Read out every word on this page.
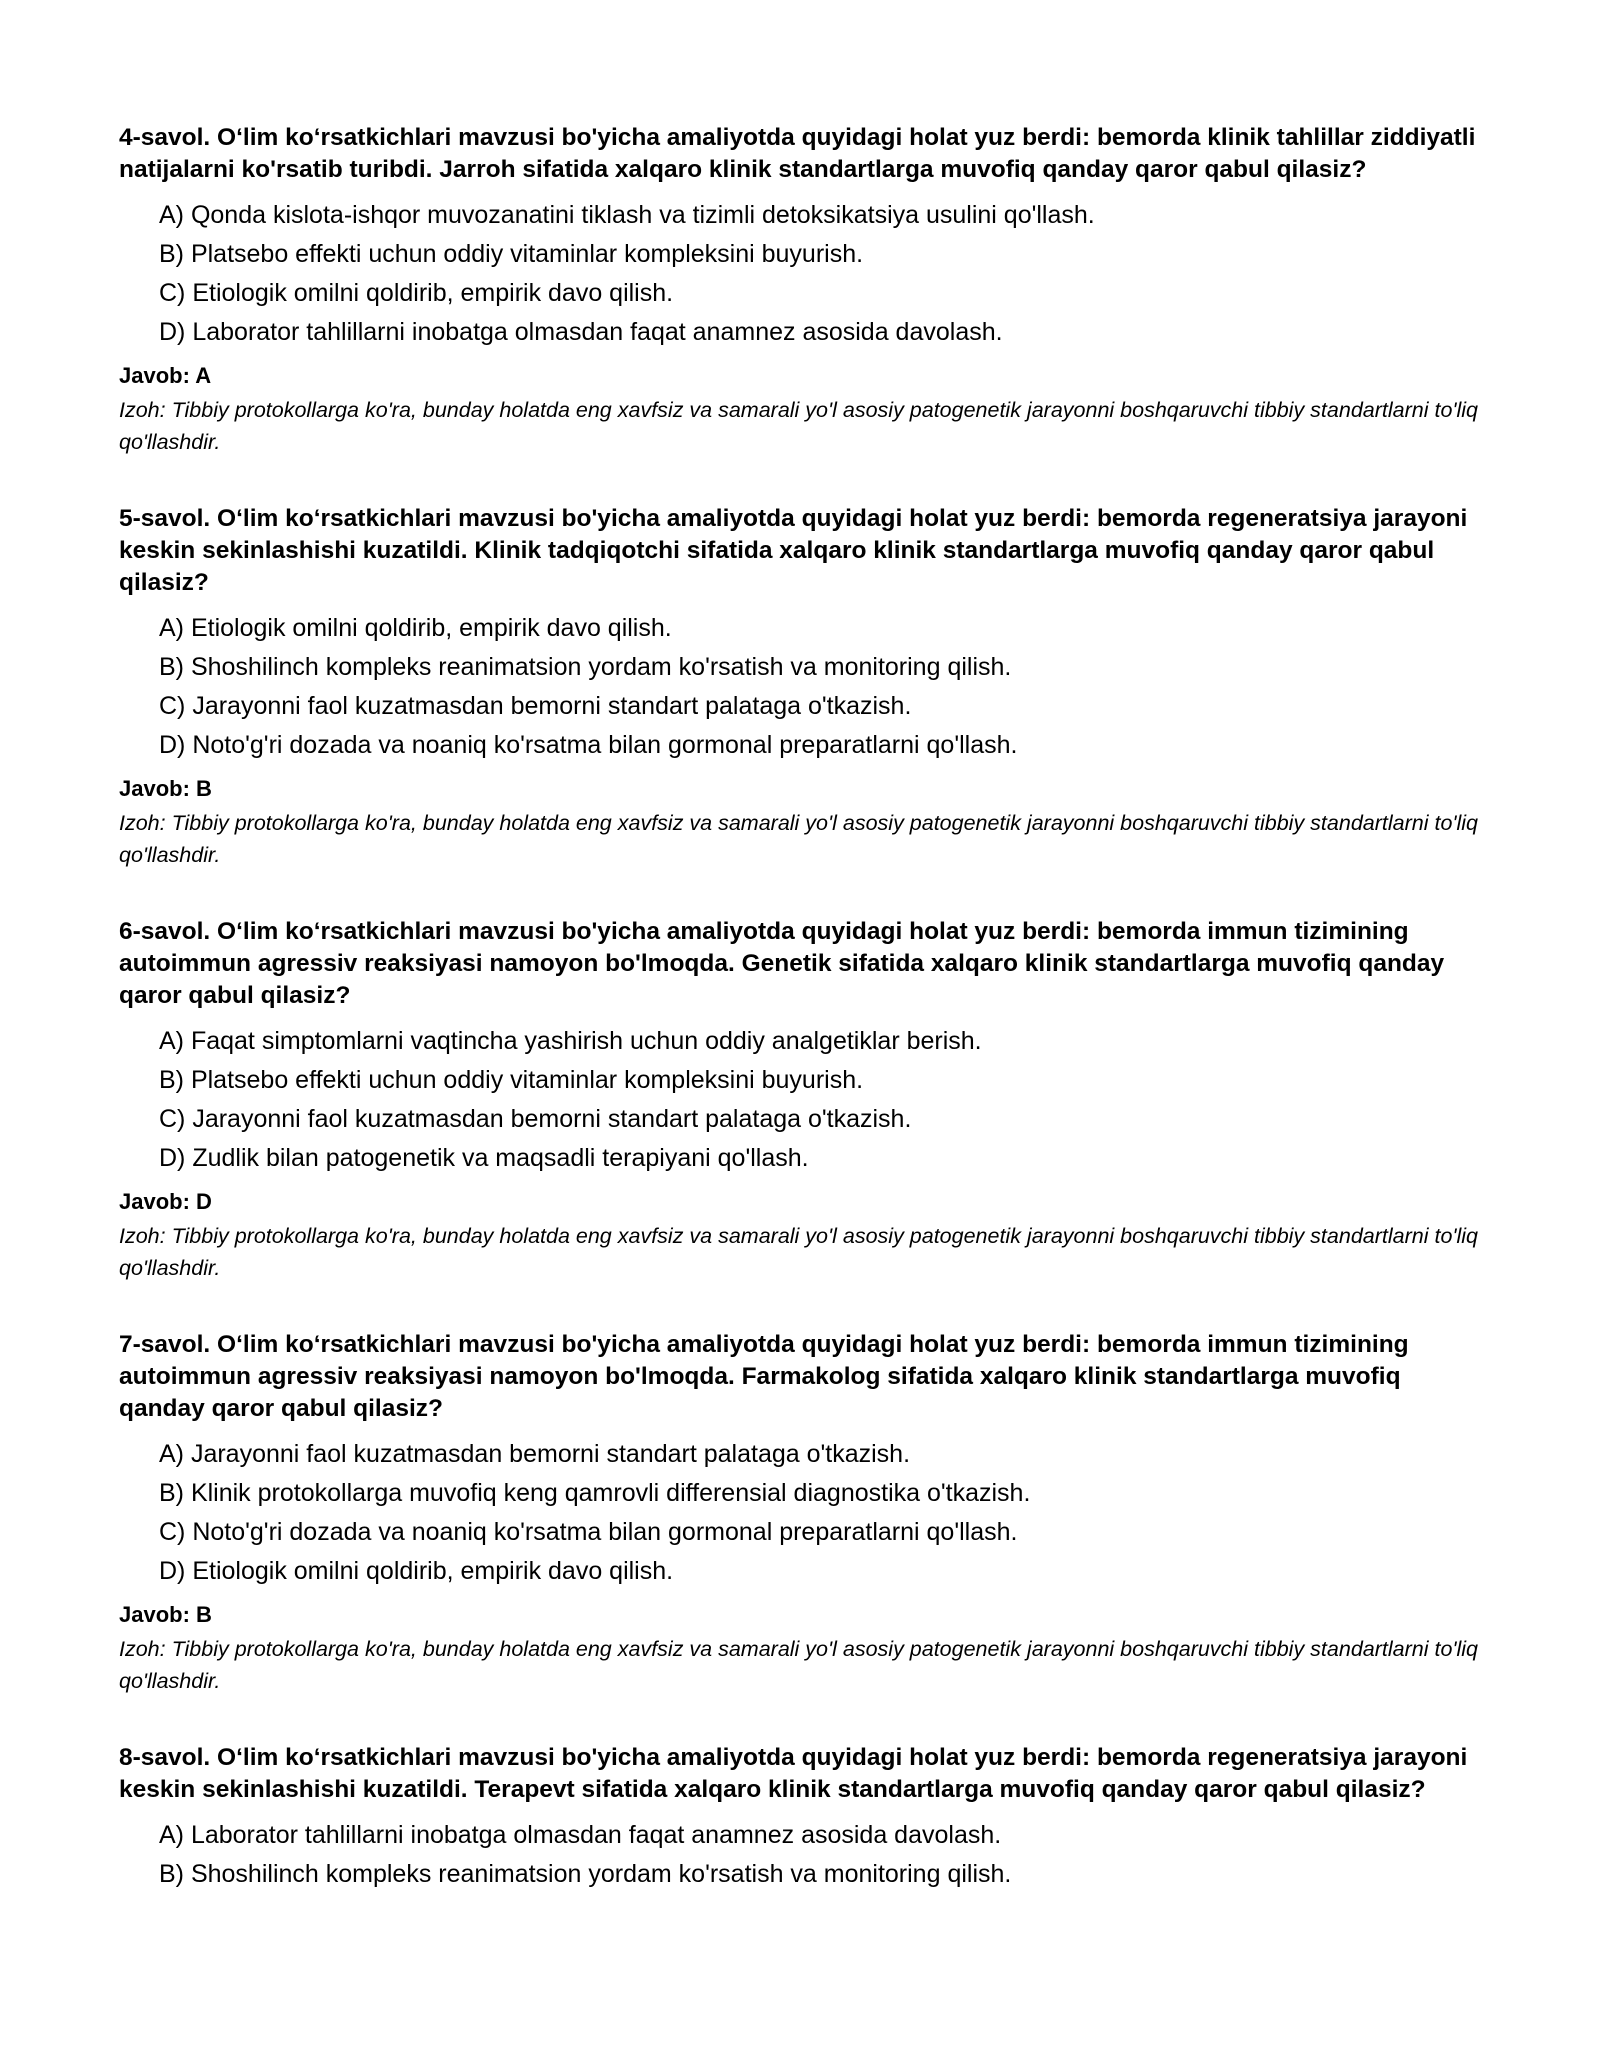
4-savol. O‘lim ko‘rsatkichlari mavzusi bo'yicha amaliyotda quyidagi holat yuz berdi: bemorda klinik tahlillar ziddiyatli natijalarni ko'rsatib turibdi. Jarroh sifatida xalqaro klinik standartlarga muvofiq qanday qaror qabul qilasiz?

A) Qonda kislota-ishqor muvozanatini tiklash va tizimli detoksikatsiya usulini qo'llash.
B) Platsebo effekti uchun oddiy vitaminlar kompleksini buyurish.
C) Etiologik omilni qoldirib, empirik davo qilish.
D) Laborator tahlillarni inobatga olmasdan faqat anamnez asosida davolash.

Javob: A

Izoh: Tibbiy protokollarga ko'ra, bunday holatda eng xavfsiz va samarali yo'l asosiy patogenetik jarayonni boshqaruvchi tibbiy standartlarni to'liq qo'llashdir.

5-savol. O‘lim ko‘rsatkichlari mavzusi bo'yicha amaliyotda quyidagi holat yuz berdi: bemorda regeneratsiya jarayoni keskin sekinlashishi kuzatildi. Klinik tadqiqotchi sifatida xalqaro klinik standartlarga muvofiq qanday qaror qabul qilasiz?

A) Etiologik omilni qoldirib, empirik davo qilish.
B) Shoshilinch kompleks reanimatsion yordam ko'rsatish va monitoring qilish.
C) Jarayonni faol kuzatmasdan bemorni standart palataga o'tkazish.
D) Noto'g'ri dozada va noaniq ko'rsatma bilan gormonal preparatlarni qo'llash.

Javob: B

Izoh: Tibbiy protokollarga ko'ra, bunday holatda eng xavfsiz va samarali yo'l asosiy patogenetik jarayonni boshqaruvchi tibbiy standartlarni to'liq qo'llashdir.

6-savol. O‘lim ko‘rsatkichlari mavzusi bo'yicha amaliyotda quyidagi holat yuz berdi: bemorda immun tizimining autoimmun agressiv reaksiyasi namoyon bo'lmoqda. Genetik sifatida xalqaro klinik standartlarga muvofiq qanday qaror qabul qilasiz?

A) Faqat simptomlarni vaqtincha yashirish uchun oddiy analgetiklar berish.
B) Platsebo effekti uchun oddiy vitaminlar kompleksini buyurish.
C) Jarayonni faol kuzatmasdan bemorni standart palataga o'tkazish.
D) Zudlik bilan patogenetik va maqsadli terapiyani qo'llash.

Javob: D

Izoh: Tibbiy protokollarga ko'ra, bunday holatda eng xavfsiz va samarali yo'l asosiy patogenetik jarayonni boshqaruvchi tibbiy standartlarni to'liq qo'llashdir.

7-savol. O‘lim ko‘rsatkichlari mavzusi bo'yicha amaliyotda quyidagi holat yuz berdi: bemorda immun tizimining autoimmun agressiv reaksiyasi namoyon bo'lmoqda. Farmakolog sifatida xalqaro klinik standartlarga muvofiq qanday qaror qabul qilasiz?

A) Jarayonni faol kuzatmasdan bemorni standart palataga o'tkazish.
B) Klinik protokollarga muvofiq keng qamrovli differensial diagnostika o'tkazish.
C) Noto'g'ri dozada va noaniq ko'rsatma bilan gormonal preparatlarni qo'llash.
D) Etiologik omilni qoldirib, empirik davo qilish.

Javob: B

Izoh: Tibbiy protokollarga ko'ra, bunday holatda eng xavfsiz va samarali yo'l asosiy patogenetik jarayonni boshqaruvchi tibbiy standartlarni to'liq qo'llashdir.

8-savol. O‘lim ko‘rsatkichlari mavzusi bo'yicha amaliyotda quyidagi holat yuz berdi: bemorda regeneratsiya jarayoni keskin sekinlashishi kuzatildi. Terapevt sifatida xalqaro klinik standartlarga muvofiq qanday qaror qabul qilasiz?

A) Laborator tahlillarni inobatga olmasdan faqat anamnez asosida davolash.
B) Shoshilinch kompleks reanimatsion yordam ko'rsatish va monitoring qilish.
